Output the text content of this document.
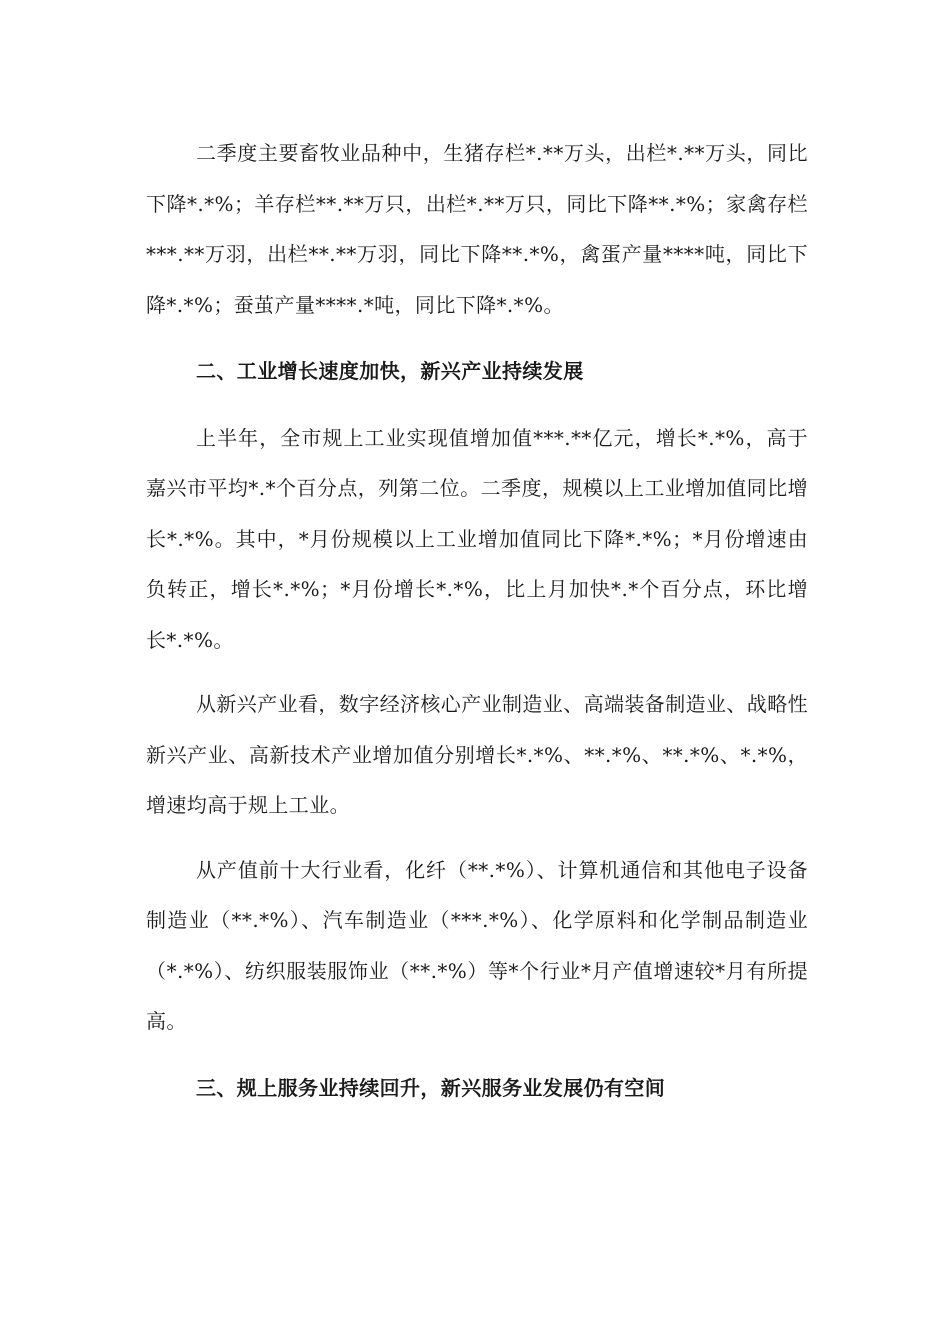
二季度主要畜牧业品种中，生猪存栏*.**万头，出栏*.**万头，同比下降*.*%；羊存栏**.**万只，出栏*.**万只，同比下降**.*%；家禽存栏***.**万羽，出栏**.**万羽，同比下降**.*%，禽蛋产量****吨，同比下降*.*%；蚕茧产量****.*吨，同比下降*.*%。

二、工业增长速度加快，新兴产业持续发展

上半年，全市规上工业实现值增加值***.**亿元，增长*.*%，高于嘉兴市平均*.*个百分点，列第二位。二季度，规模以上工业增加值同比增长*.*%。其中，*月份规模以上工业增加值同比下降*.*%；*月份增速由负转正，增长*.*%；*月份增长*.*%，比上月加快*.*个百分点，环比增长*.*%。

从新兴产业看，数字经济核心产业制造业、高端装备制造业、战略性新兴产业、高新技术产业增加值分别增长*.*%、**.*%、**.*%、*.*%，增速均高于规上工业。

从产值前十大行业看，化纤（**.*%）、计算机通信和其他电子设备制造业（**.*%）、汽车制造业（***.*%）、化学原料和化学制品制造业（*.*%）、纺织服装服饰业（**.*%）等*个行业*月产值增速较*月有所提高。

三、规上服务业持续回升，新兴服务业发展仍有空间
